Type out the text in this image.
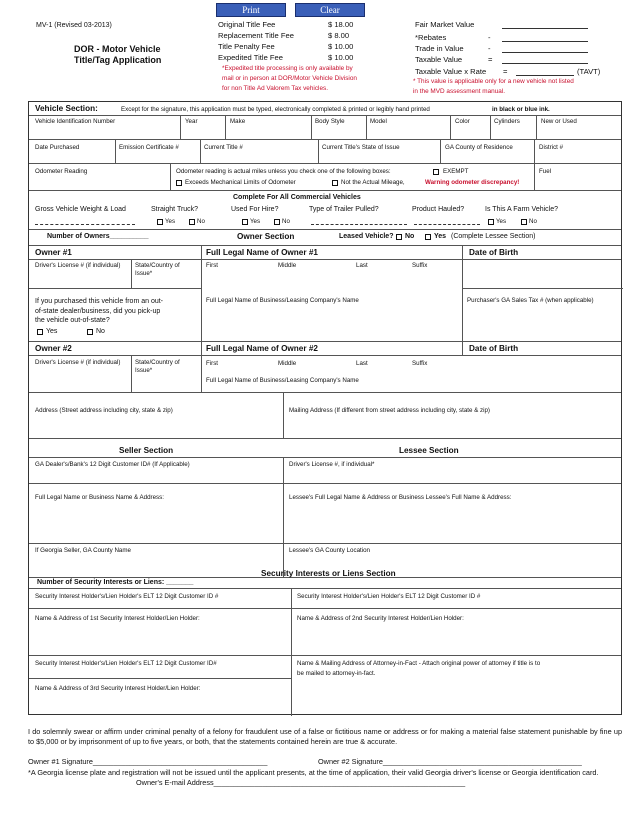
MV-1 (Revised 03-2013)
DOR - Motor Vehicle
Title/Tag Application
Print	Clear
Original Title Fee	$ 18.00
Replacement Title Fee	$ 8.00
Title Penalty Fee	$ 10.00
Expedited Title Fee	$ 10.00
*Expedited title processing is only available by
mail or in person at DOR/Motor Vehicle Division
for non Title Ad Valorem Tax vehicles.
Fair Market Value
*Rebates	-
Trade in Value	-
Taxable Value	=
Taxable Value x Rate =	(TAVT)
* This value is applicable only for a new vehicle not listed
in the MVD assessment manual.
Vehicle Section:	Except for the signature, this application must be typed, electronically completed & printed or legibly hand printed	in black or blue ink.
Vehicle Identification Number	Year	Make	Body Style	Model	Color	Cylinders	New or Used
Date Purchased	Emission Certificate #	Current Title #	Current Title's State of Issue	GA County of Residence	District #
Odometer Reading	Odometer reading is actual miles unless you check one of the following boxes:	EXEMPT
Exceeds Mechanical Limits of Odometer	Not the Actual Mileage,	Warning odometer discrepancy!
Fuel
Complete For All Commercial Vehicles
Gross Vehicle Weight & Load	Straight Truck?	Used For Hire?	Type of Trailer Pulled?	Product Hauled?	Is This A Farm Vehicle?
Yes	No	Yes	No	Yes	No
Number of Owners__________	Owner Section	Leased Vehicle? No	Yes (Complete Lessee Section)
Owner #1	Full Legal Name of Owner #1	Date of Birth
Driver's License # (if individual)	State/Country of Issue*
First	Middle	Last	Suffix
If you purchased this vehicle from an out-
of-state dealer/business, did you pick-up
the vehicle out-of-state?
Yes	No
Full Legal Name of Business/Leasing Company's Name	Purchaser's GA Sales Tax # (when applicable)
Owner #2	Full Legal Name of Owner #2	Date of Birth
Driver's License # (if individual)	State/Country of Issue*
First	Middle	Last	Suffix
Full Legal Name of Business/Leasing Company's Name
Address (Street address including city, state & zip)	Mailing Address (If different from street address including city, state & zip)
Seller Section	Lessee Section
GA Dealer's/Bank's 12 Digit Customer ID# (If Applicable)	Driver's License #, if individual*
Full Legal Name or Business Name & Address:	Lessee's Full Legal Name & Address or Business Lessee's Full Name & Address:
If Georgia Seller, GA County Name	Lessee's GA County Location
Security Interests or Liens Section
Number of Security Interests or Liens: _______
Security Interest Holder's/Lien Holder's ELT 12 Digit Customer ID #	Security Interest Holder's/Lien Holder's ELT 12 Digit Customer ID #
Name & Address of 1st Security Interest Holder/Lien Holder:	Name & Address of 2nd Security Interest Holder/Lien Holder:
Security Interest Holder's/Lien Holder's ELT 12 Digit Customer ID#	Name & Mailing Address of Attorney-in-Fact - Attach original power of attorney if title is to
be mailed to attorney-in-fact.
Name & Address of 3rd Security Interest Holder/Lien Holder:
I do solemnly swear or affirm under criminal penalty of a felony for fraudulent use of a false or fictitious name or address or for making a material false statement punishable by fine up to $5,000 or by imprisonment of up to five years, or both, that the statements contained herein are true & accurate.
Owner #1 Signature___________________________________________	Owner #2 Signature_________________________________________________
*A Georgia license plate and registration will not be issued until the applicant presents, at the time of application, their valid Georgia driver's license or Georgia identification card.
Owner's E-mail Address______________________________________________________________
